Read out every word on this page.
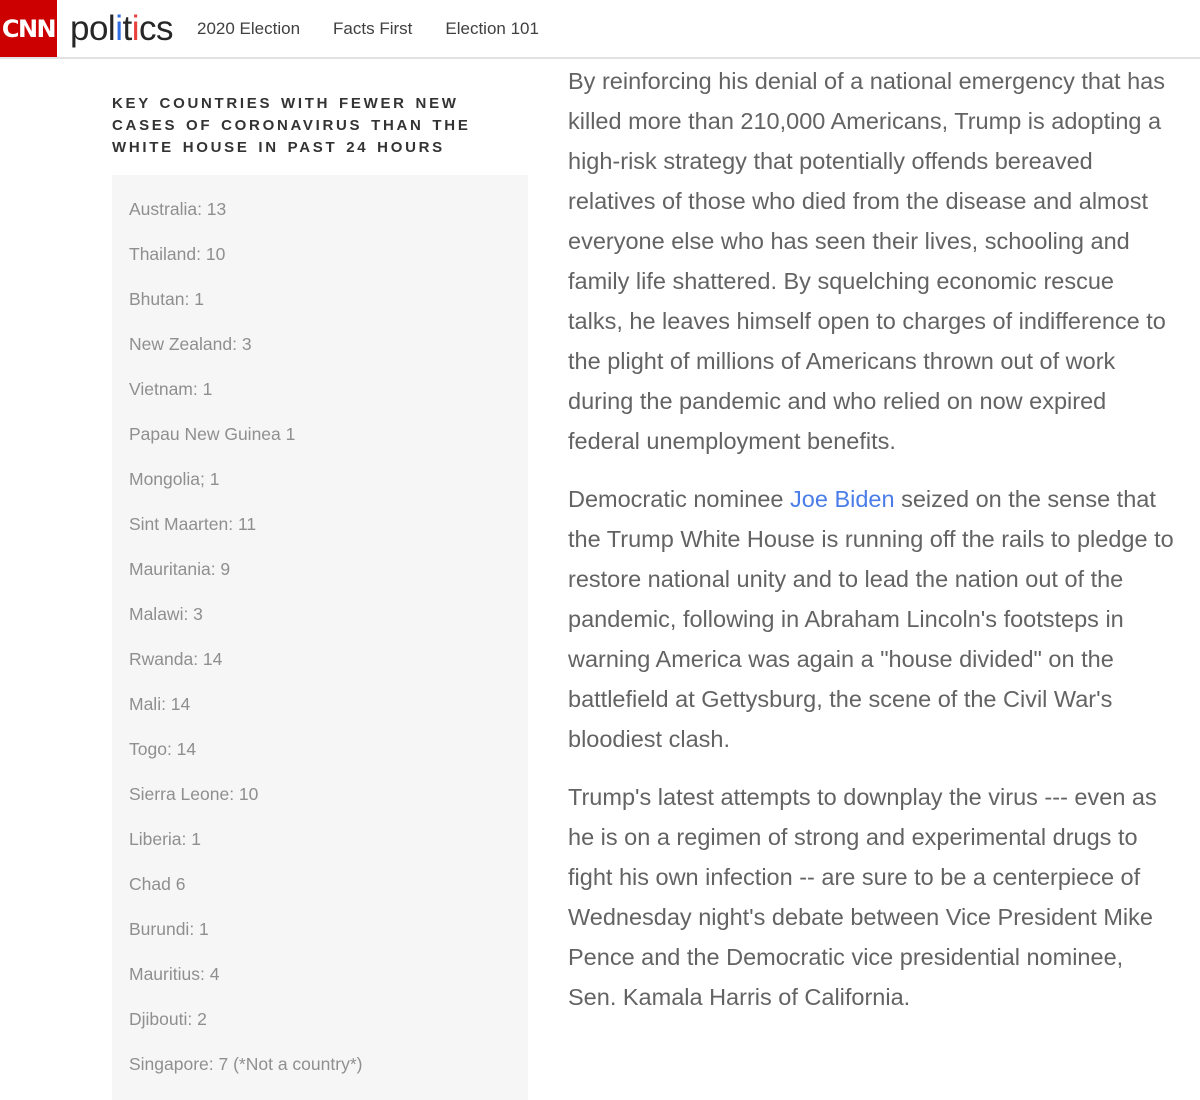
CNN politics 2020 Election Facts First Election 101
KEY COUNTRIES WITH FEWER NEW CASES OF CORONAVIRUS THAN THE WHITE HOUSE IN PAST 24 HOURS
Australia: 13
Thailand: 10
Bhutan: 1
New Zealand: 3
Vietnam: 1
Papau New Guinea 1
Mongolia; 1
Sint Maarten: 11
Mauritania: 9
Malawi: 3
Rwanda: 14
Mali: 14
Togo: 14
Sierra Leone: 10
Liberia: 1
Chad 6
Burundi: 1
Mauritius: 4
Djibouti: 2
Singapore: 7 (*Not a country*)

By reinforcing his denial of a national emergency that has killed more than 210,000 Americans, Trump is adopting a high-risk strategy that potentially offends bereaved relatives of those who died from the disease and almost everyone else who has seen their lives, schooling and family life shattered. By squelching economic rescue talks, he leaves himself open to charges of indifference to the plight of millions of Americans thrown out of work during the pandemic and who relied on now expired federal unemployment benefits.

Democratic nominee Joe Biden seized on the sense that the Trump White House is running off the rails to pledge to restore national unity and to lead the nation out of the pandemic, following in Abraham Lincoln's footsteps in warning America was again a "house divided" on the battlefield at Gettysburg, the scene of the Civil War's bloodiest clash.

Trump's latest attempts to downplay the virus --- even as he is on a regimen of strong and experimental drugs to fight his own infection -- are sure to be a centerpiece of Wednesday night's debate between Vice President Mike Pence and the Democratic vice presidential nominee, Sen. Kamala Harris of California.
